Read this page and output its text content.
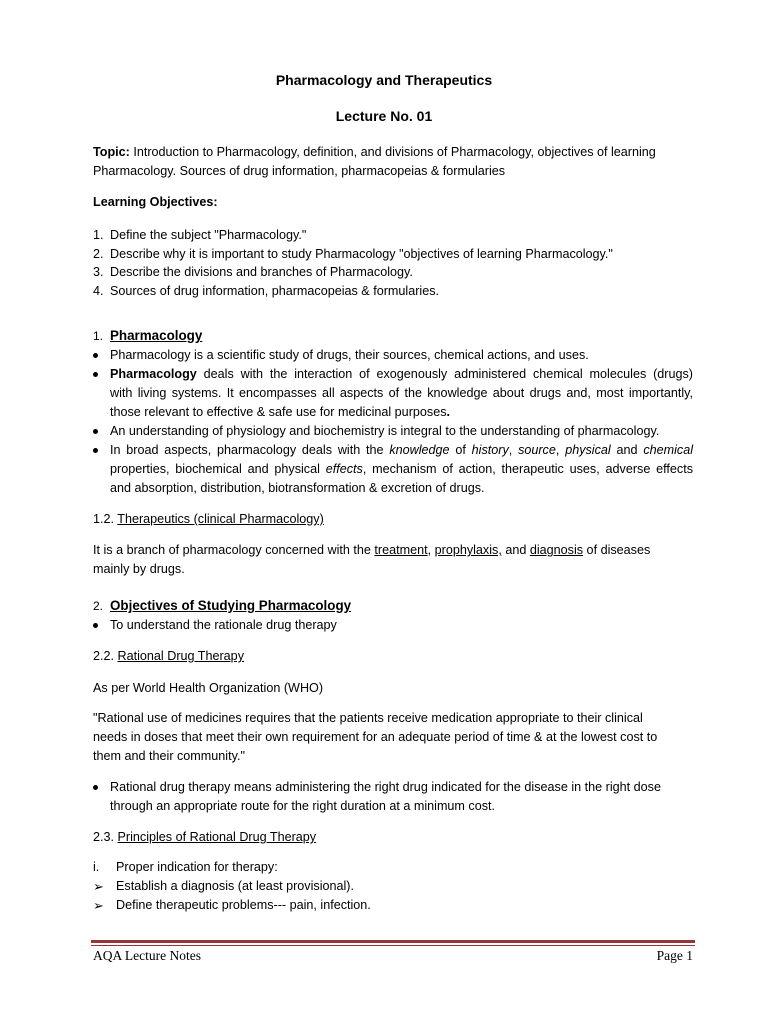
Pharmacology and Therapeutics
Lecture No. 01
Topic: Introduction to Pharmacology, definition, and divisions of Pharmacology, objectives of learning
Pharmacology. Sources of drug information, pharmacopeias & formularies
Learning Objectives:
1. Define the subject "Pharmacology."
2. Describe why it is important to study Pharmacology "objectives of learning Pharmacology."
3. Describe the divisions and branches of Pharmacology.
4. Sources of drug information, pharmacopeias & formularies.
1. Pharmacology
Pharmacology is a scientific study of drugs, their sources, chemical actions, and uses.
Pharmacology deals with the interaction of exogenously administered chemical molecules (drugs)
with living systems. It encompasses all aspects of the knowledge about drugs and, most importantly,
those relevant to effective & safe use for medicinal purposes.
An understanding of physiology and biochemistry is integral to the understanding of pharmacology.
In broad aspects, pharmacology deals with the knowledge of history, source, physical and chemical
properties, biochemical and physical effects, mechanism of action, therapeutic uses, adverse effects
and absorption, distribution, biotransformation & excretion of drugs.
1.2. Therapeutics (clinical Pharmacology)
It is a branch of pharmacology concerned with the treatment, prophylaxis, and diagnosis of diseases
mainly by drugs.
2. Objectives of Studying Pharmacology
To understand the rationale drug therapy
2.2. Rational Drug Therapy
As per World Health Organization (WHO)
"Rational use of medicines requires that the patients receive medication appropriate to their clinical
needs in doses that meet their own requirement for an adequate period of time & at the lowest cost to
them and their community."
Rational drug therapy means administering the right drug indicated for the disease in the right dose
through an appropriate route for the right duration at a minimum cost.
2.3. Principles of Rational Drug Therapy
i. Proper indication for therapy:
➢ Establish a diagnosis (at least provisional).
➢ Define therapeutic problems--- pain, infection.
AQA Lecture Notes	Page 1
